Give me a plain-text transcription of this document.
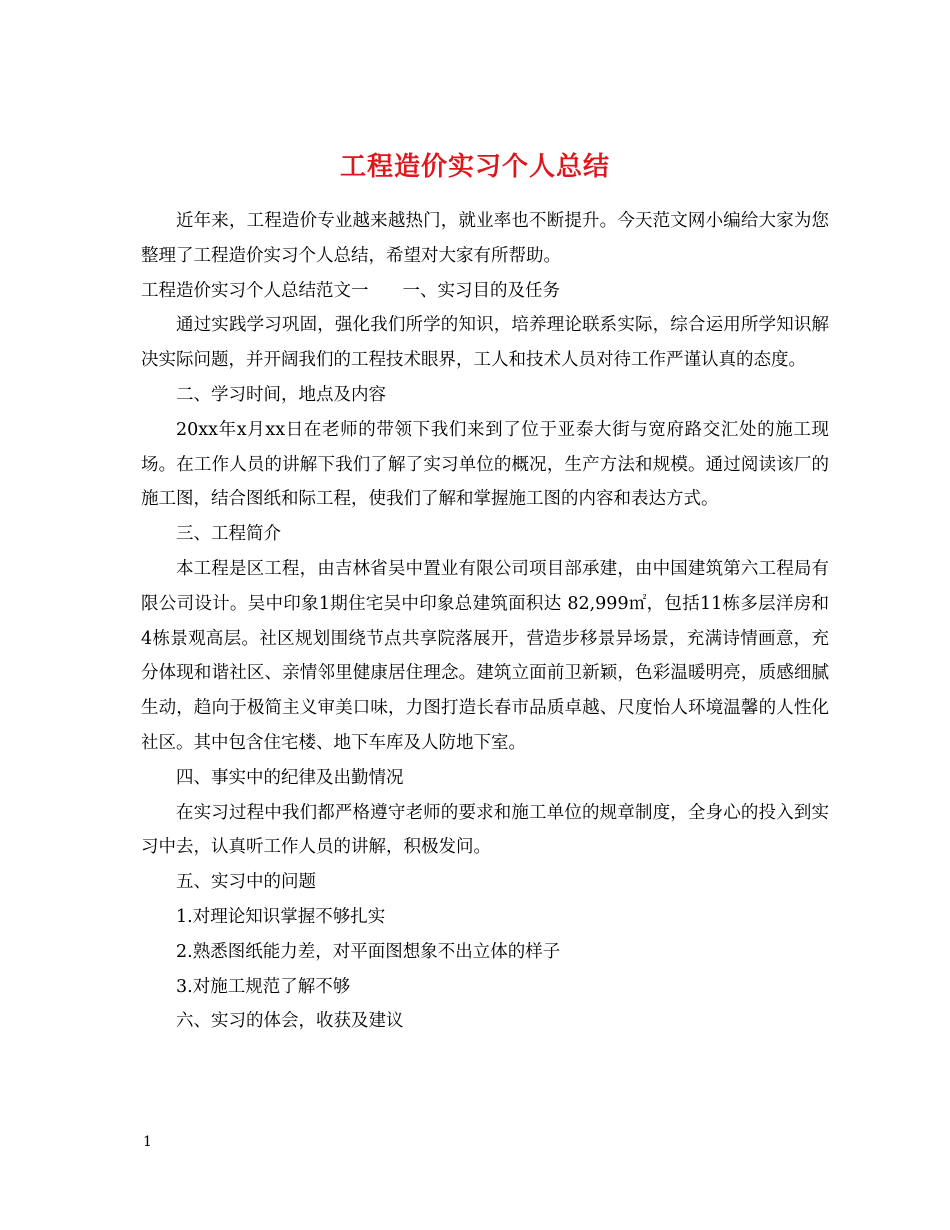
工程造价实习个人总结

近年来，工程造价专业越来越热门，就业率也不断提升。今天范文网小编给大家为您整理了工程造价实习个人总结，希望对大家有所帮助。

工程造价实习个人总结范文一 一、实习目的及任务

通过实践学习巩固，强化我们所学的知识，培养理论联系实际，综合运用所学知识解决实际问题，并开阔我们的工程技术眼界，工人和技术人员对待工作严谨认真的态度。

二、学习时间，地点及内容

20xx年x月xx日在老师的带领下我们来到了位于亚泰大街与宽府路交汇处的施工现场。在工作人员的讲解下我们了解了实习单位的概况，生产方法和规模。通过阅读该厂的施工图，结合图纸和际工程，使我们了解和掌握施工图的内容和表达方式。

三、工程简介

本工程是区工程，由吉林省吴中置业有限公司项目部承建，由中国建筑第六工程局有限公司设计。吴中印象1期住宅吴中印象总建筑面积达 82,999㎡，包括11栋多层洋房和4栋景观高层。社区规划围绕节点共享院落展开，营造步移景异场景，充满诗情画意，充分体现和谐社区、亲情邻里健康居住理念。建筑立面前卫新颖，色彩温暖明亮，质感细腻生动，趋向于极简主义审美口味，力图打造长春市品质卓越、尺度怡人环境温馨的人性化社区。其中包含住宅楼、地下车库及人防地下室。

四、事实中的纪律及出勤情况

在实习过程中我们都严格遵守老师的要求和施工单位的规章制度，全身心的投入到实习中去，认真听工作人员的讲解，积极发问。

五、实习中的问题

1.对理论知识掌握不够扎实

2.熟悉图纸能力差，对平面图想象不出立体的样子

3.对施工规范了解不够

六、实习的体会，收获及建议

1
